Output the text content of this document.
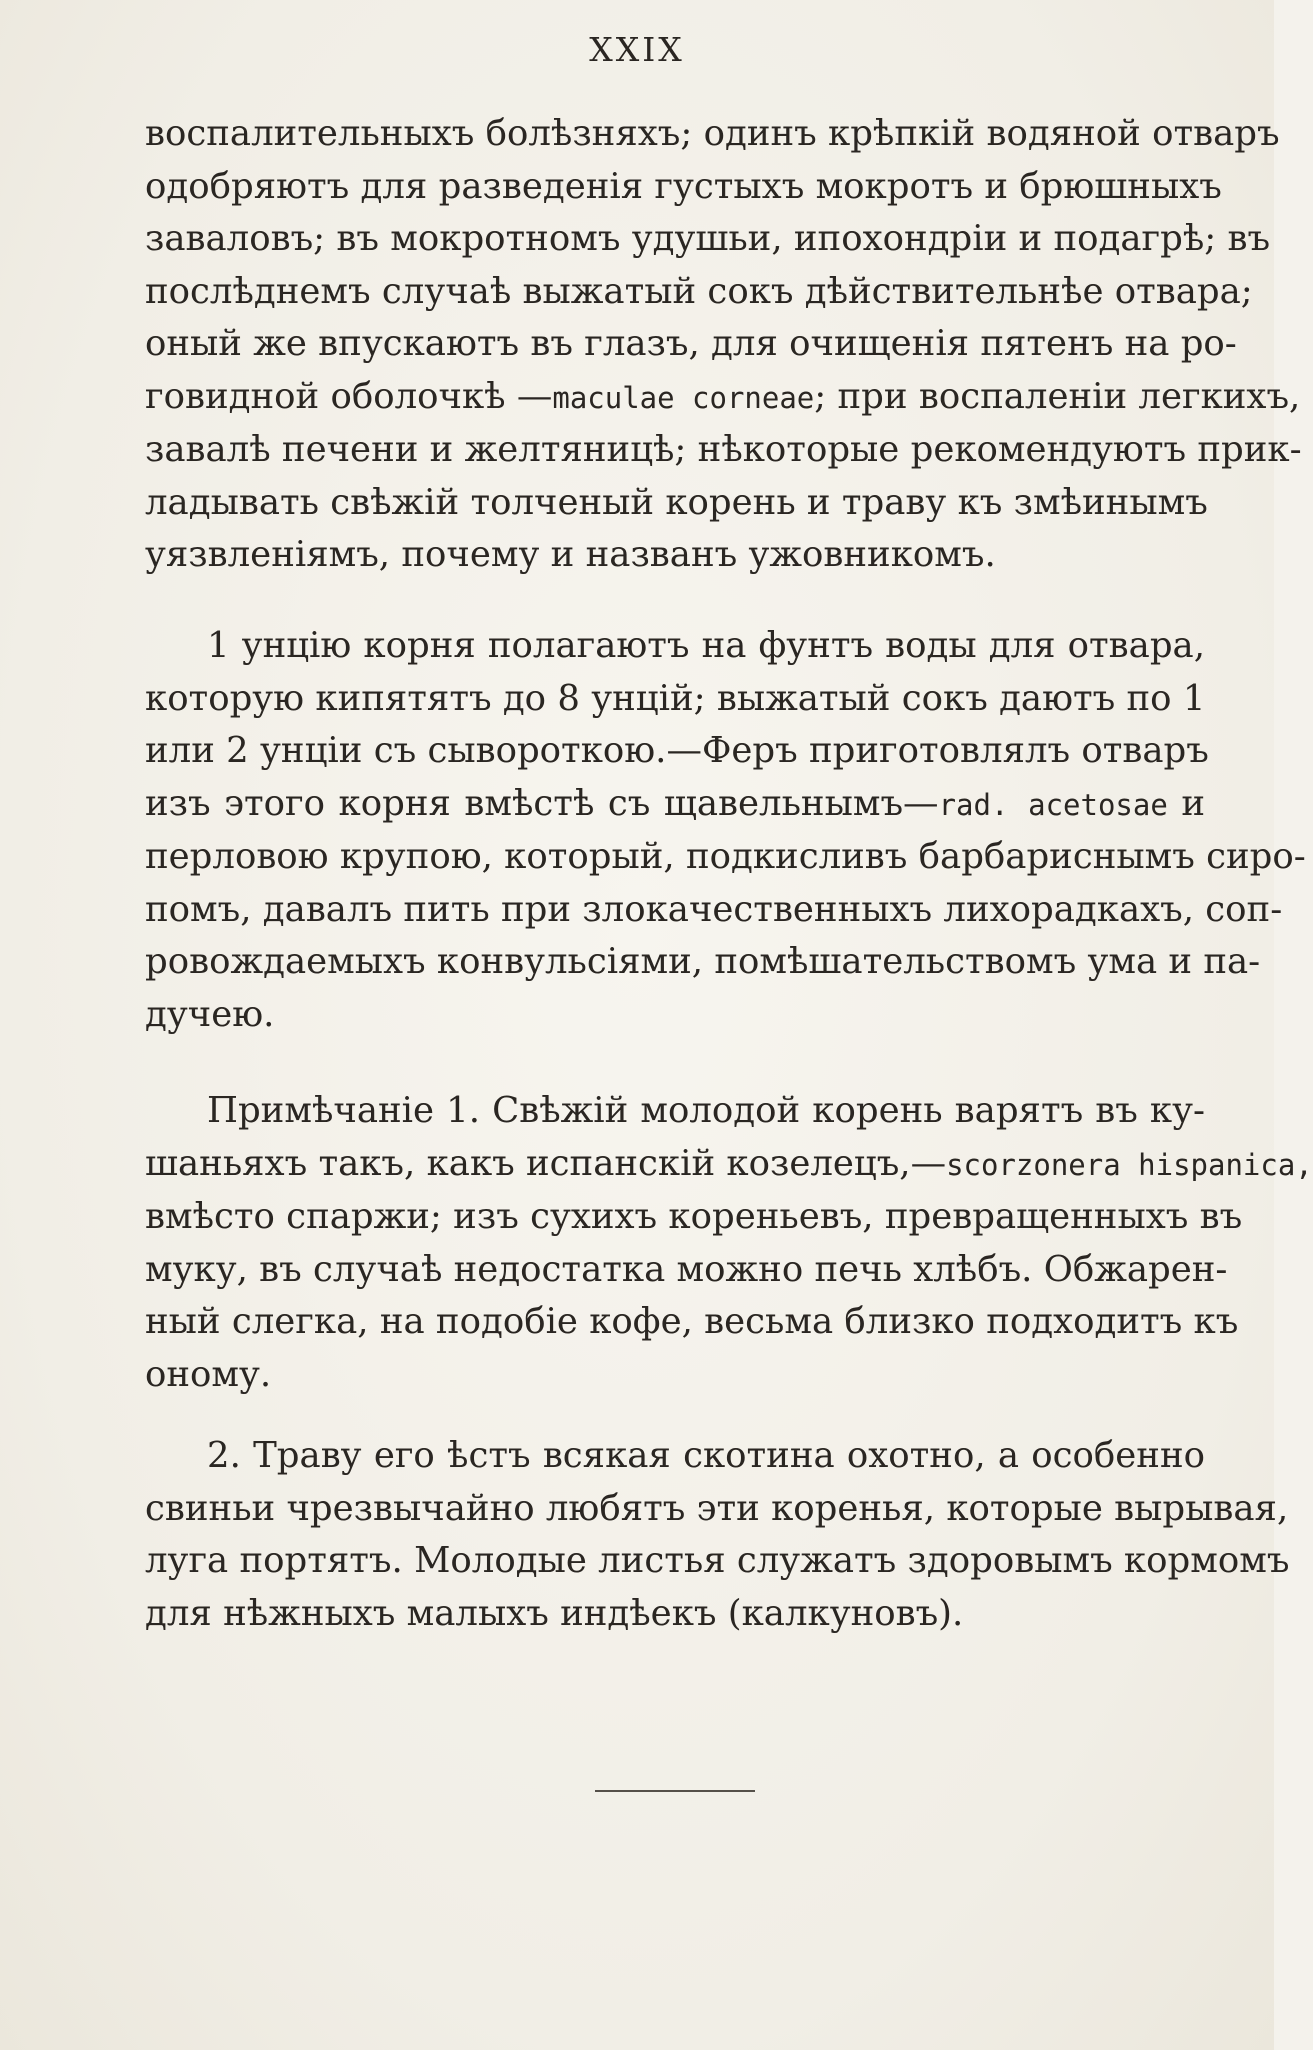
XXIX
воспалительныхъ болѣзняхъ; одинъ крѣпкій водяной отваръ
одобряютъ для разведенія густыхъ мокротъ и брюшныхъ
заваловъ; въ мокротномъ удушьи, ипохондріи и подагрѣ; въ
послѣднемъ случаѣ выжатый сокъ дѣйствительнѣе отвара;
оный же впускаютъ въ глазъ, для очищенія пятенъ на ро-
говидной оболочкѣ —maculae corneae; при воспаленіи легкихъ,
завалѣ печени и желтяницѣ; нѣкоторые рекомендуютъ прик-
ладывать свѣжій толченый корень и траву къ змѣинымъ
уязвленіямъ, почему и нaзванъ ужовникомъ.
1 унцію корня полагаютъ на фунтъ воды для отвара,
которую кипятятъ до 8 унцій; выжатый сокъ даютъ по 1
или 2 унціи съ сывороткою.—Феръ приготовлялъ отваръ
изъ этого корня вмѣстѣ съ щавельнымъ—rad. acetosae и
перловою крупою, который, подкисливъ барбариснымъ сиро-
помъ, давалъ пить при злокачественныхъ лихорадкахъ, соп-
ровождаемыхъ конвульсіями, помѣшательствомъ ума и па-
дучею.
Примѣчаніе 1. Свѣжій молодой корень варятъ въ ку-
шаньяхъ такъ, какъ испанскій козелецъ,—scorzonera hispanica,
вмѣсто спаржи; изъ сухихъ кореньевъ, превращенныхъ въ
муку, въ случаѣ недостатка можно печь хлѣбъ. Обжарен-
ный слегка, на подобіе кофе, весьма близко подходитъ къ
оному.
2. Траву его ѣстъ всякая скотина охотно, а особенно
свиньи чрезвычайно любятъ эти коренья, которые вырывая,
луга портятъ. Молодые листья служатъ здоровымъ кормомъ
для нѣжныхъ малыхъ индѣекъ (калкуновъ).
